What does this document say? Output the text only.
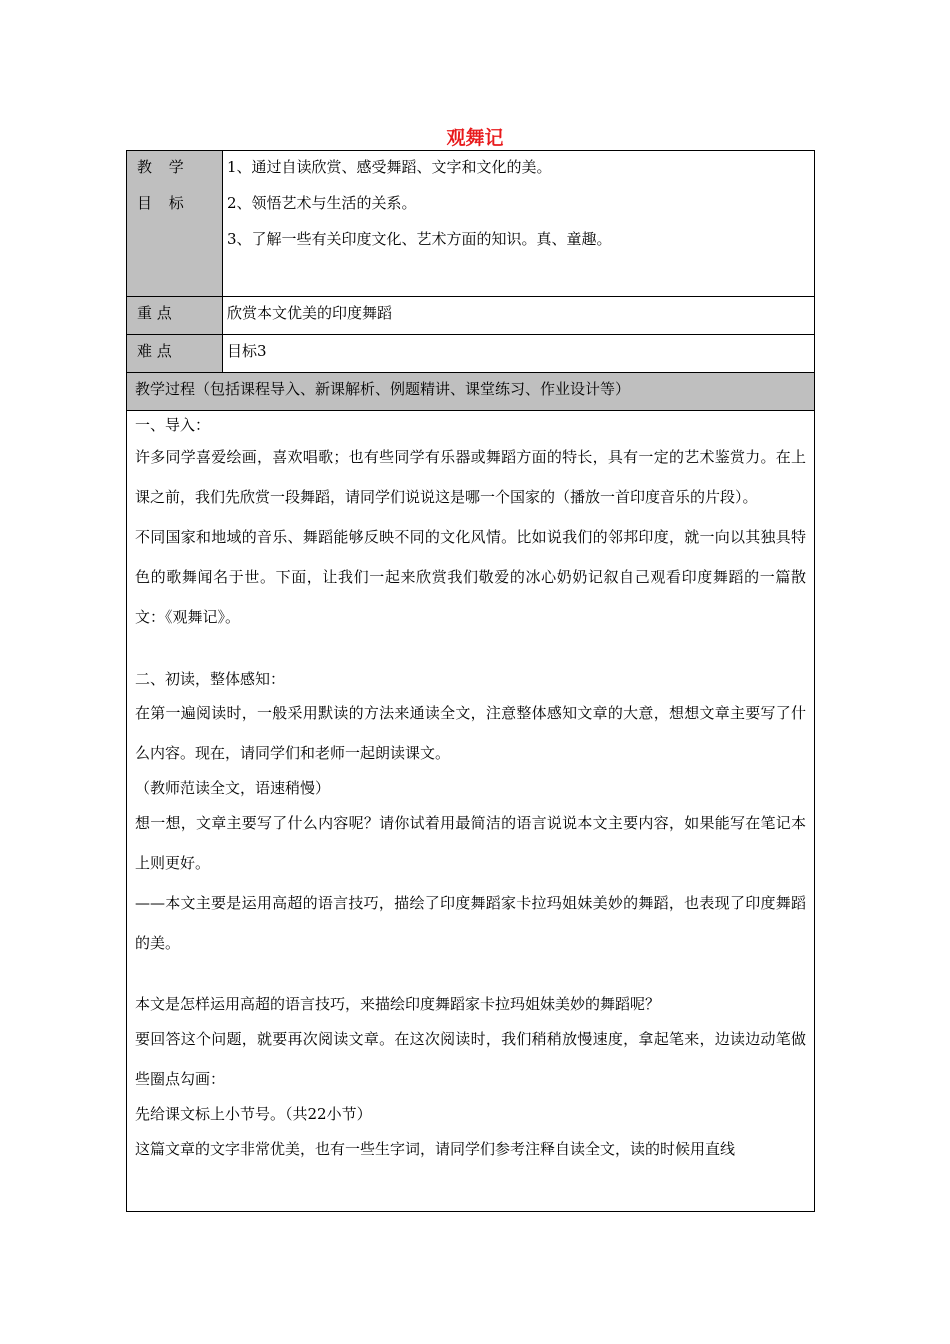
观舞记
教 学
目 标
1、通过自读欣赏、感受舞蹈、文字和文化的美。
2、领悟艺术与生活的关系。
3、了解一些有关印度文化、艺术方面的知识。真、童趣。
重 点	欣赏本文优美的印度舞蹈
难 点	目标3
教学过程（包括课程导入、新课解析、例题精讲、课堂练习、作业设计等）
一、导入：
许多同学喜爱绘画，喜欢唱歌；也有些同学有乐器或舞蹈方面的特长，具有一定的艺术鉴赏力。在上课之前，我们先欣赏一段舞蹈，请同学们说说这是哪一个国家的（播放一首印度音乐的片段）。
不同国家和地域的音乐、舞蹈能够反映不同的文化风情。比如说我们的邻邦印度，就一向以其独具特色的歌舞闻名于世。下面，让我们一起来欣赏我们敬爱的冰心奶奶记叙自己观看印度舞蹈的一篇散文：《观舞记》。
二、初读，整体感知：
在第一遍阅读时，一般采用默读的方法来通读全文，注意整体感知文章的大意，想想文章主要写了什么内容。现在，请同学们和老师一起朗读课文。
（教师范读全文，语速稍慢）
想一想，文章主要写了什么内容呢？请你试着用最简洁的语言说说本文主要内容，如果能写在笔记本上则更好。
——本文主要是运用高超的语言技巧，描绘了印度舞蹈家卡拉玛姐妹美妙的舞蹈，也表现了印度舞蹈的美。
本文是怎样运用高超的语言技巧，来描绘印度舞蹈家卡拉玛姐妹美妙的舞蹈呢？
要回答这个问题，就要再次阅读文章。在这次阅读时，我们稍稍放慢速度，拿起笔来，边读边动笔做些圈点勾画：
先给课文标上小节号。（共22小节）
这篇文章的文字非常优美，也有一些生字词，请同学们参考注释自读全文，读的时候用直线
